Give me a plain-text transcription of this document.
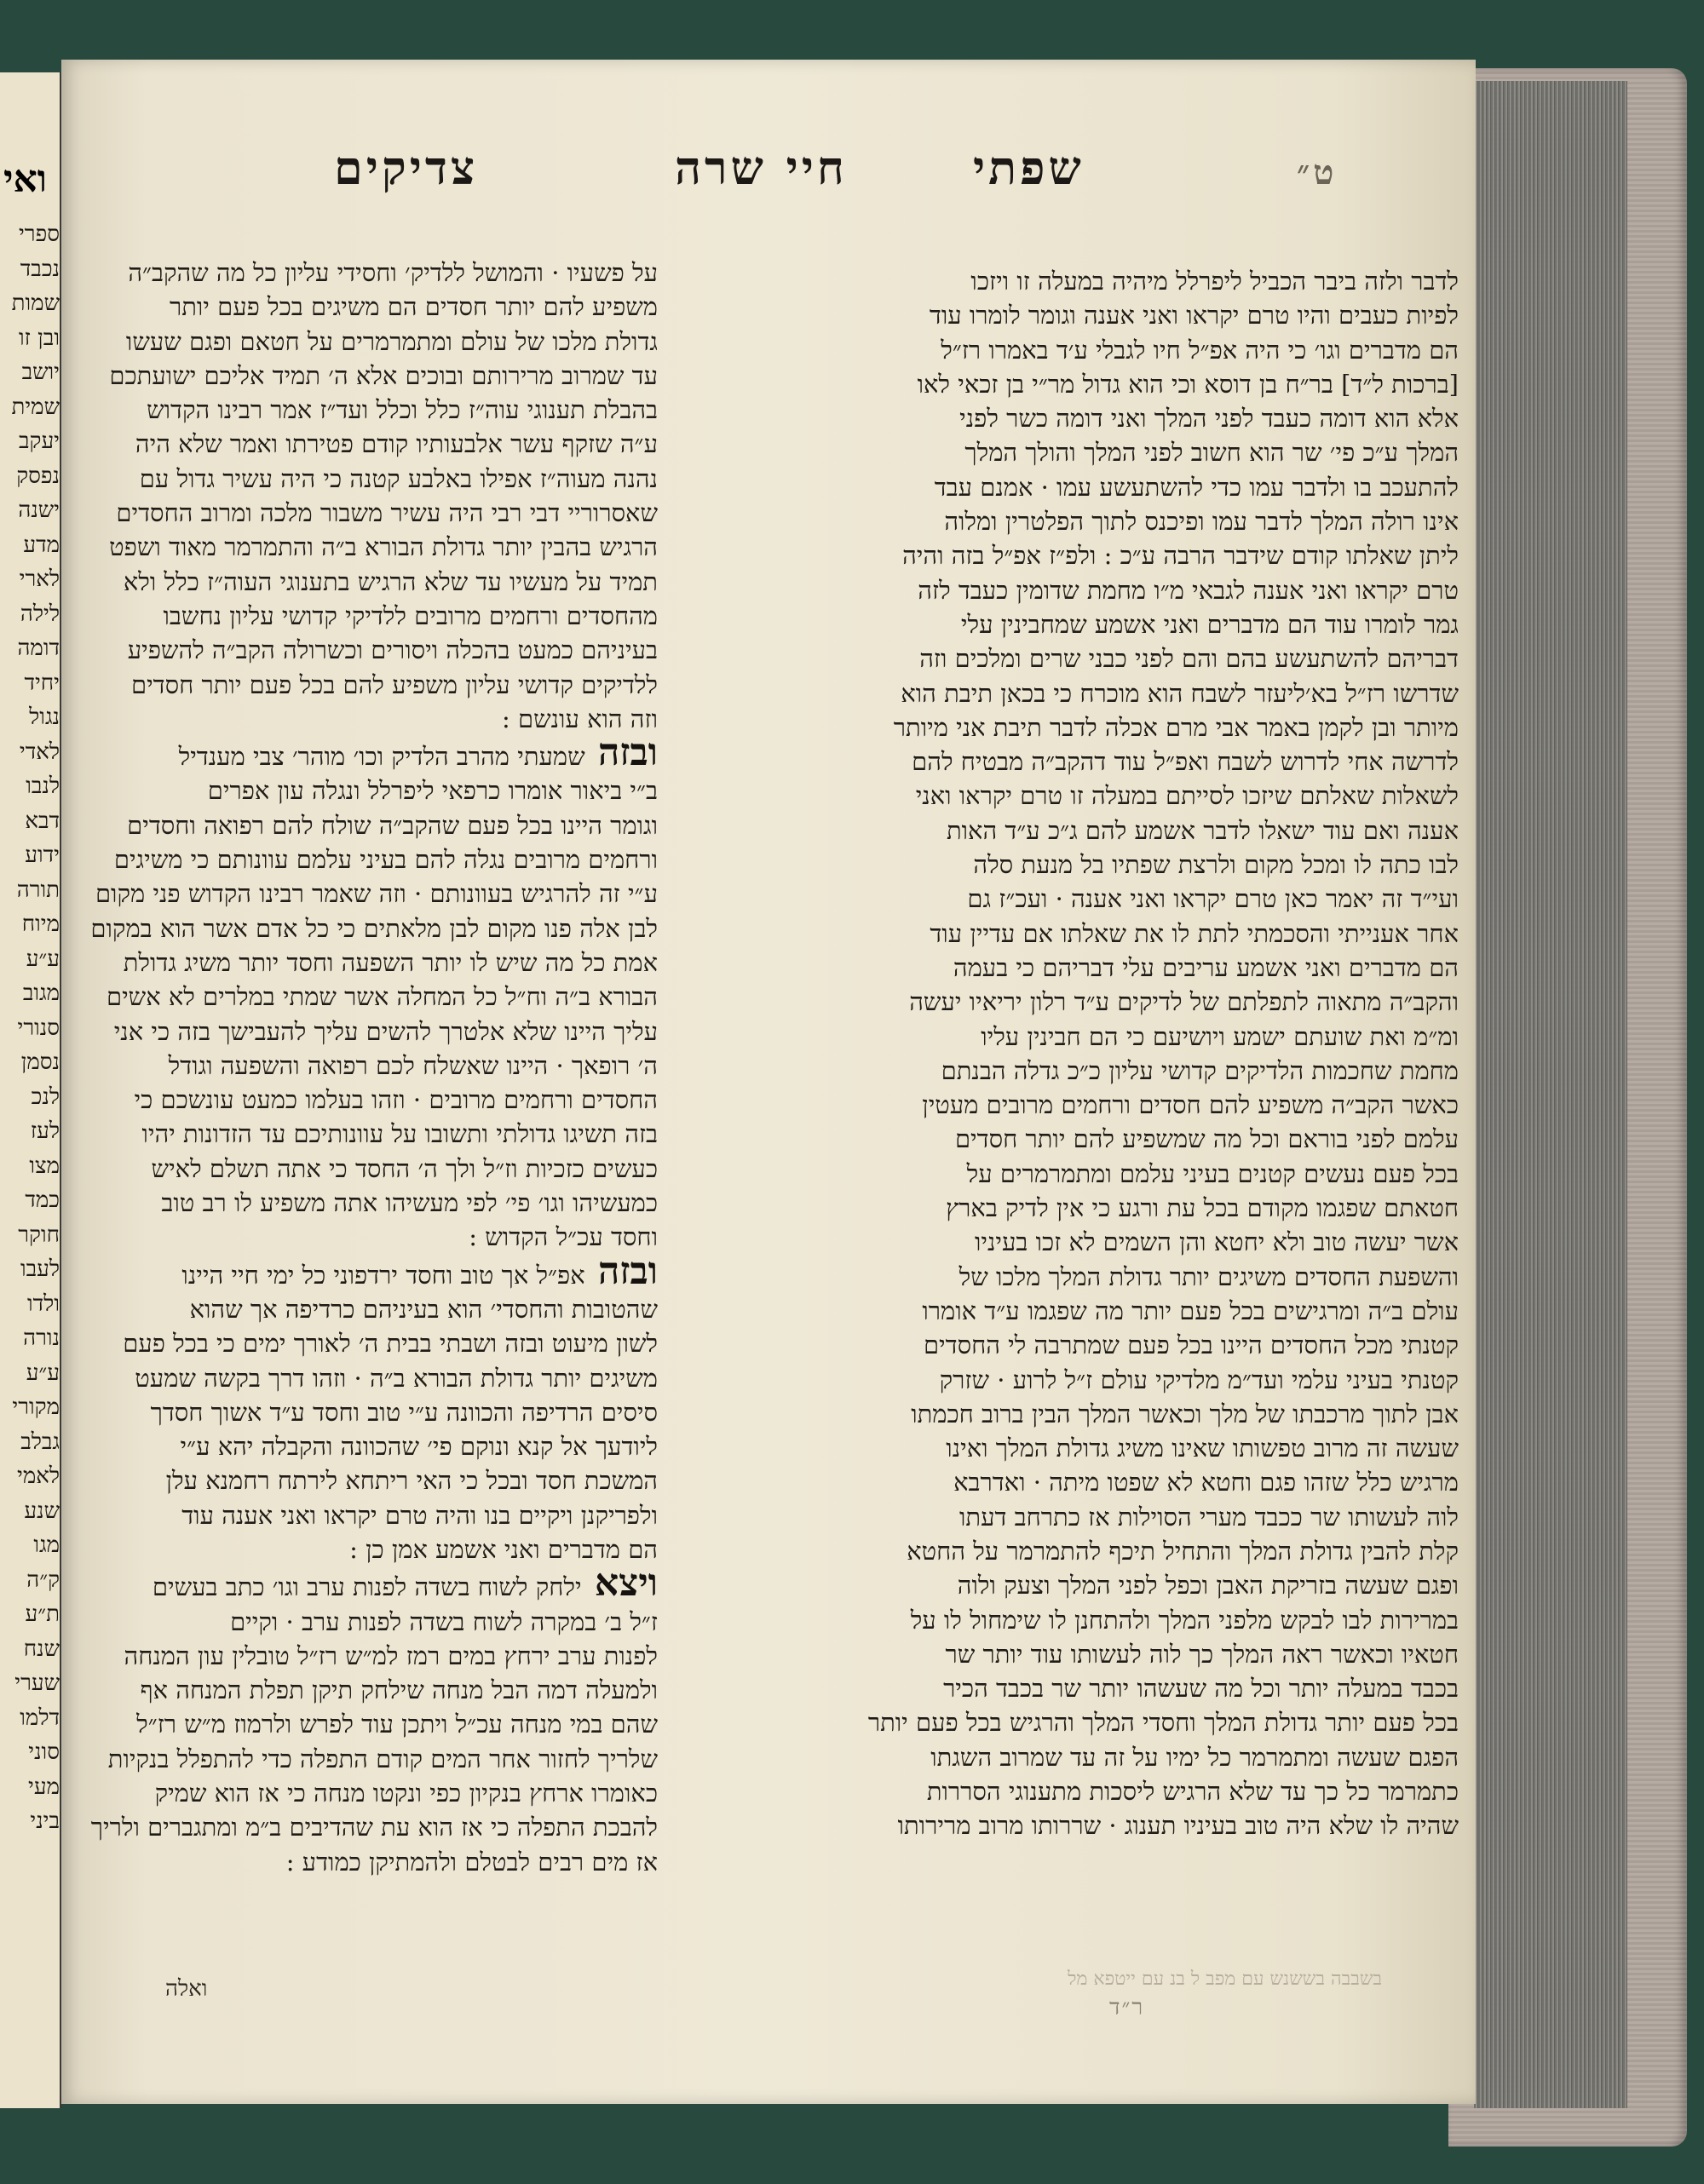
ואי
ספרי
נכבד
שמות
ובן זו
יושב
שמית
יעקב
נפסק
ישנה
מדע
לארי
לילה
דומה
יחיד
נגול
לאדי
לנבו
דבא
ידוע
תורה
מיוח
ע״ע
מגוב
סנורי
נסמן
לנכ
לעז
מצו
כמד
חוקר
לעבו
ולדו
נורה
ע״ע
מקורי
גבלב
לאמי
שנע
מגו
ק״ה
ת״ע
שנח
שערי
דלמו
סוני
מעי
ביני
ט״
שפתי
חיי שרה
צדיקים

לדבר ולזה ביבר הכביל ליפרלל מיהיה במעלה זו ויזכו

לפיות כעבים והיו טרם יקראו ואני אענה וגומר לומרו עוד

הם מדברים וגו׳ כי היה אפ״ל חיו לגבלי ע׳ד באמרו רז״ל

[ברכות ל״ד] בר״ח בן דוסא וכי הוא גדול מר״י בן זכאי לאו

אלא הוא דומה כעבד לפני המלך ואני דומה כשר לפני

המלך ע״כ פי׳ שר הוא חשוב לפני המלך והולך המלך

להתעכב בו ולדבר עמו כדי להשתעשע עמו · אמנם עבד

אינו רולה המלך לדבר עמו ופיכנס לתוך הפלטרין ומלוה

ליתן שאלתו קודם שידבר הרבה ע״כ : ולפ״ז אפ״ל בזה והיה

טרם יקראו ואני אענה לגבאי מ״ו מחמת שדומין כעבד לזה

גמר לומרו עוד הם מדברים ואני אשמע שמחבינין עלי

דבריהם להשתעשע בהם והם לפני כבני שרים ומלכים וזה

שדרשו רז״ל בא׳ליעזר לשבח הוא מוכרח כי בכאן תיבת הוא

מיותר ובן לקמן באמר אבי מרם אכלה לדבר תיבת אני מיותר

לדרשה אחי לדרוש לשבח ואפ״ל עוד דהקב״ה מבטיח להם

לשאלות שאלתם שיזכו לסייתם במעלה זו טרם יקראו ואני

אענה ואם עוד ישאלו לדבר אשמע להם ג״כ ע״ד האות

לבו כתה לו ומכל מקום ולרצת שפתיו בל מנעת סלה

ועי״ד זה יאמר כאן טרם יקראו ואני אענה · ועכ״ז גם

אחר אענייתי והסכמתי לתת לו את שאלתו אם עדיין עוד

הם מדברים ואני אשמע עריבים עלי דבריהם כי בעמה

והקב״ה מתאוה לתפלתם של לדיקים ע״ד רלון יריאיו יעשה

ומ״מ ואת שועתם ישמע ויושיעם כי הם חבינין עליו

מחמת שחכמות הלדיקים קדושי עליון כ״כ גדלה הבנתם

כאשר הקב״ה משפיע להם חסדים ורחמים מרובים מעטין

עלמם לפני בוראם וכל מה שמשפיע להם יותר חסדים

בכל פעם נעשים קטנים בעיני עלמם ומתמרמרים על

חטאתם שפגמו מקודם בכל עת ורגע כי אין לדיק בארץ

אשר יעשה טוב ולא יחטא והן השמים לא זכו בעיניו

והשפעת החסדים משיגים יותר גדולת המלך מלכו של

עולם ב״ה ומרגישים בכל פעם יותר מה שפגמו ע״ד אומרו

קטנתי מכל החסדים היינו בכל פעם שמתרבה לי החסדים

קטנתי בעיני עלמי ועד״מ מלדיקי עולם ז״ל לרוע · שזרק

אבן לתוך מרכבתו של מלך וכאשר המלך הבין ברוב חכמתו

שעשה זה מרוב טפשותו שאינו משיג גדולת המלך ואינו

מרגיש כלל שזהו פגם וחטא לא שפטו מיתה · ואדרבא

לוה לעשותו שר ככבד מערי הסוילות אז כתרחב דעתו

קלת להבין גדולת המלך והתחיל תיכף להתמרמר על החטא

ופגם שעשה בזריקת האבן וכפל לפני המלך וצעק ולוה

במרירות לבו לבקש מלפני המלך ולהתחנן לו שימחול לו על

חטאיו וכאשר ראה המלך כך לוה לעשותו עוד יותר שר

בכבד במעלה יותר וכל מה שעשהו יותר שר בכבד הכיר

בכל פעם יותר גדולת המלך וחסדי המלך והרגיש בכל פעם יותר

הפגם שעשה ומתמרמר כל ימיו על זה עד שמרוב השגתו

כתמרמר כל כך עד שלא הרגיש ליסכות מתענוגי הסררות

שהיה לו שלא היה טוב בעיניו תענוג · שררותו מרוב מרירותו

על פשעיו · והמושל ללדיק׳ וחסידי עליון כל מה שהקב״ה

משפיע להם יותר חסדים הם משיגים בכל פעם יותר

גדולת מלכו של עולם ומתמרמרים על חטאם ופגם שעשו

עד שמרוב מרירותם ובוכים אלא ה׳ תמיד אליכם ישועתכם

בהבלת תענוגי עוה״ז כלל וכלל ועד״ז אמר רבינו הקדוש

ע״ה שזקף עשר אלבעותיו קודם פטירתו ואמר שלא היה

נהנה מעוה״ז אפילו באלבע קטנה כי היה עשיר גדול עם

שאסרוריי דבי רבי היה עשיר משבור מלכה ומרוב החסדים

הרגיש בהבין יותר גדולת הבורא ב״ה והתמרמר מאוד ושפט

תמיד על מעשיו עד שלא הרגיש בתענוגי העוה״ז כלל ולא

מהחסדים ורחמים מרובים ללדיקי קדושי עליון נחשבו

בעיניהם כמעט בהכלה ויסורים וכשרולה הקב״ה להשפיע

ללדיקים קדושי עליון משפיע להם בכל פעם יותר חסדים

וזה הוא עונשם :

ובזה שמעתי מהרב הלדיק וכו׳ מוהר׳ צבי מענדיל

ב״י ביאור אומרו כרפאי ליפרלל ונגלה עון אפרים

וגומר היינו בכל פעם שהקב״ה שולח להם רפואה וחסדים

ורחמים מרובים נגלה להם בעיני עלמם עוונותם כי משיגים

ע״י זה להרגיש בעוונותם · וזה שאמר רבינו הקדוש פני מקום

לבן אלה פנו מקום לבן מלאתים כי כל אדם אשר הוא במקום

אמת כל מה שיש לו יותר השפעה וחסד יותר משיג גדולת

הבורא ב״ה וח״ל כל המחלה אשר שמתי במלרים לא אשים

עליך היינו שלא אלטרך להשים עליך להעבישך בזה כי אני

ה׳ רופאך · היינו שאשלח לכם רפואה והשפעה וגודל

החסדים ורחמים מרובים · וזהו בעלמו כמעט עונשכם כי

בזה תשיגו גדולתי ותשובו על עוונותיכם עד הזדונות יהיו

כעשים כזכיות וז״ל ולך ה׳ החסד כי אתה תשלם לאיש

כמעשיהו וגו׳ פי׳ לפי מעשיהו אתה משפיע לו רב טוב

וחסד עכ״ל הקדוש :

ובזה אפ״ל אך טוב וחסד ירדפוני כל ימי חיי היינו

שהטובות והחסדי׳ הוא בעיניהם כרדיפה אך שהוא

לשון מיעוט ובזה ושבתי בבית ה׳ לאורך ימים כי בכל פעם

משיגים יותר גדולת הבורא ב״ה · וזהו דרך בקשה שמעט

סיסים הרדיפה והכוונה ע״י טוב וחסד ע״ד אשוך חסדך

ליודעך אל קנא ונוקם פי׳ שהכוונה והקבלה יהא ע״י

המשכת חסד ובכל כי האי ריתחא לירתח רחמנא עלן

ולפריקנן ויקיים בנו והיה טרם יקראו ואני אענה עוד

הם מדברים ואני אשמע אמן כן :

ויצא ילחק לשוח בשדה לפנות ערב וגו׳ כתב בעשים

ז״ל ב׳ במקרה לשוח בשדה לפנות ערב · וקיים

לפנות ערב ירחץ במים רמז למ״ש רז״ל טובלין עון המנחה

ולמעלה דמה הבל מנחה שילחק תיקן תפלת המנחה אף

שהם במי מנחה עכ״ל ויתכן עוד לפרש ולרמוז מ״ש רז״ל

שלריך לחזור אחר המים קודם התפלה כדי להתפלל בנקיות

כאומרו ארחץ בנקיון כפי ונקטו מנחה כי אז הוא שמיק

להבכת התפלה כי אז הוא עת שהדיבים ב״מ ומתגברים ולריך

אז מים רבים לבטלם ולהמתיקן כמודע :

ואלה	בשבבה בששנש עם מפב ל בנ עם ייטפא מל
ר״ד
